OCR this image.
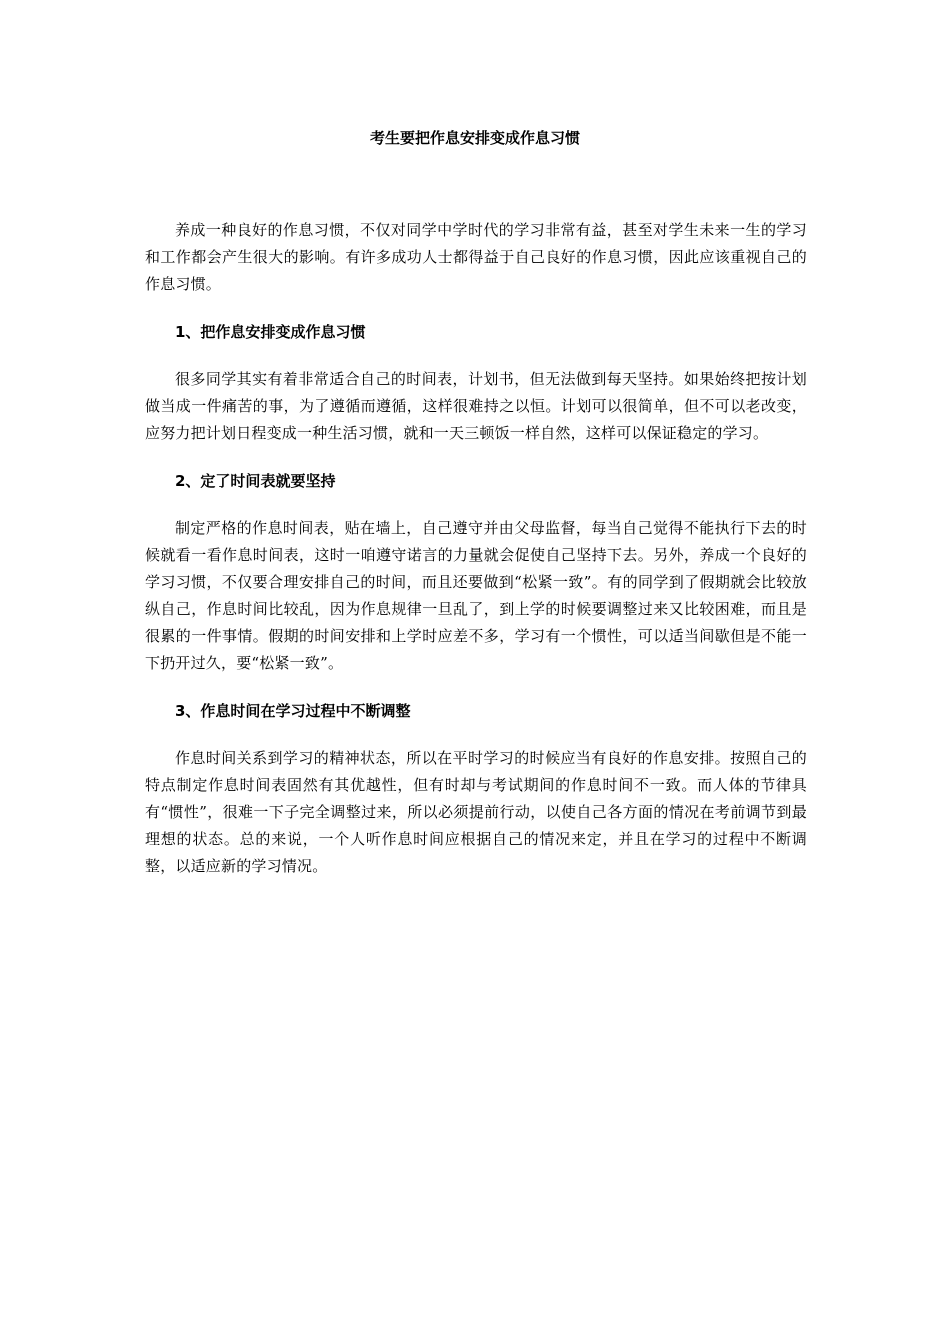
考生要把作息安排变成作息习惯

养成一种良好的作息习惯，不仅对同学中学时代的学习非常有益，甚至对学生未来一生的学习和工作都会产生很大的影响。有许多成功人士都得益于自己良好的作息习惯，因此应该重视自己的作息习惯。

1、把作息安排变成作息习惯

很多同学其实有着非常适合自己的时间表，计划书，但无法做到每天坚持。如果始终把按计划做当成一件痛苦的事，为了遵循而遵循，这样很难持之以恒。计划可以很简单，但不可以老改变，应努力把计划日程变成一种生活习惯，就和一天三顿饭一样自然，这样可以保证稳定的学习。

2、定了时间表就要坚持

制定严格的作息时间表，贴在墙上，自己遵守并由父母监督，每当自己觉得不能执行下去的时候就看一看作息时间表，这时一咱遵守诺言的力量就会促使自己坚持下去。另外，养成一个良好的学习习惯，不仅要合理安排自己的时间，而且还要做到“松紧一致”。有的同学到了假期就会比较放纵自己，作息时间比较乱，因为作息规律一旦乱了，到上学的时候要调整过来又比较困难，而且是很累的一件事情。假期的时间安排和上学时应差不多，学习有一个惯性，可以适当间歇但是不能一下扔开过久，要“松紧一致”。

3、作息时间在学习过程中不断调整

作息时间关系到学习的精神状态，所以在平时学习的时候应当有良好的作息安排。按照自己的特点制定作息时间表固然有其优越性，但有时却与考试期间的作息时间不一致。而人体的节律具有“惯性”，很难一下子完全调整过来，所以必须提前行动，以使自己各方面的情况在考前调节到最理想的状态。总的来说，一个人听作息时间应根据自己的情况来定，并且在学习的过程中不断调整，以适应新的学习情况。
